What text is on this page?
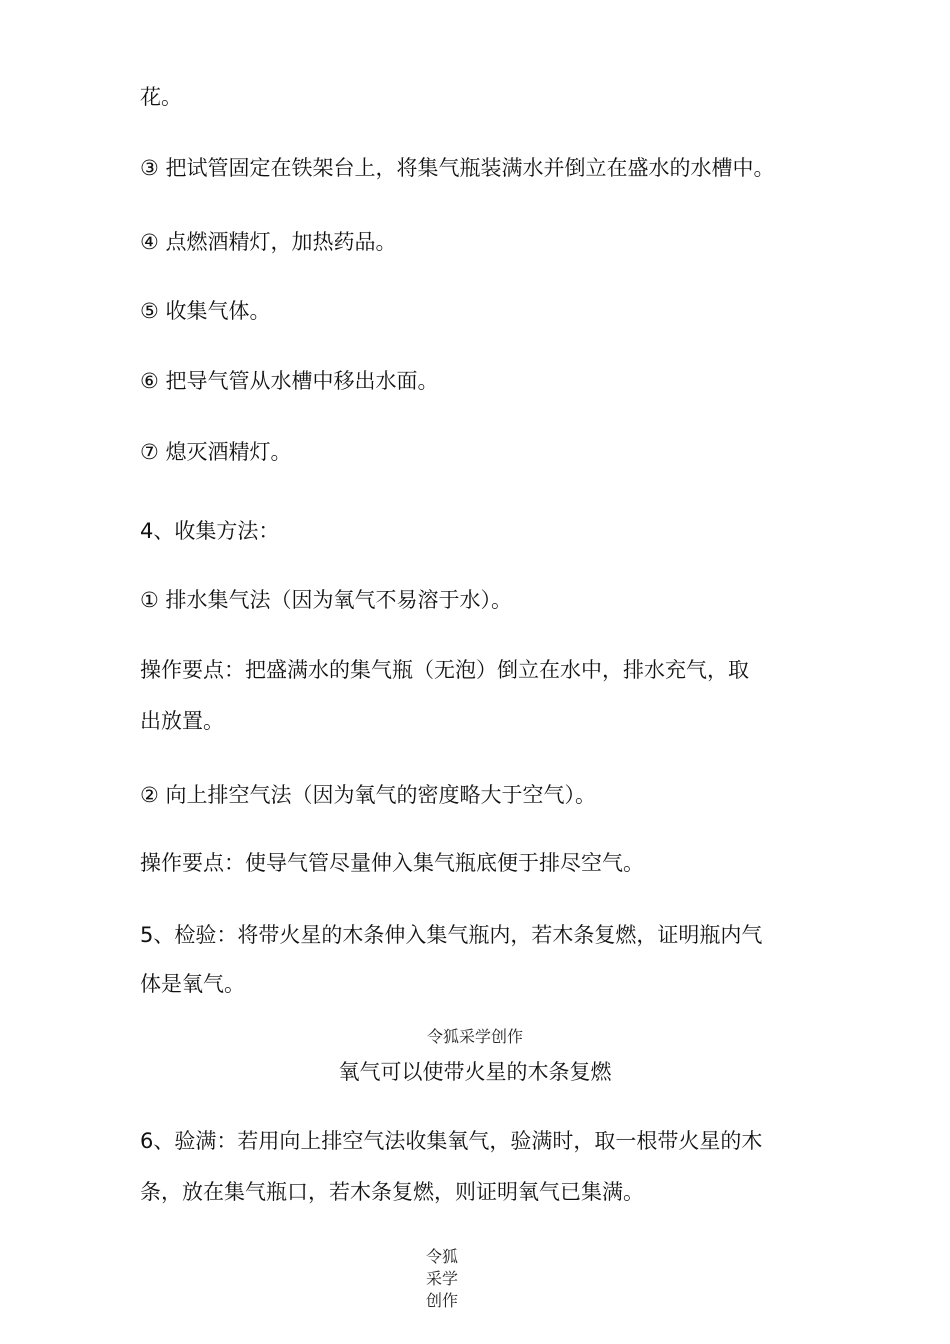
花。
③ 把试管固定在铁架台上，将集气瓶装满水并倒立在盛水的水槽中。
④ 点燃酒精灯，加热药品。
⑤ 收集气体。
⑥ 把导气管从水槽中移出水面。
⑦ 熄灭酒精灯。
4、收集方法：
① 排水集气法（因为氧气不易溶于水）。
操作要点：把盛满水的集气瓶（无泡）倒立在水中，排水充气，取
出放置。
② 向上排空气法（因为氧气的密度略大于空气）。
操作要点：使导气管尽量伸入集气瓶底便于排尽空气。
5、检验：将带火星的木条伸入集气瓶内，若木条复燃，证明瓶内气
体是氧气。
令狐采学创作
氧气可以使带火星的木条复燃
6、验满：若用向上排空气法收集氧气，验满时，取一根带火星的木
条，放在集气瓶口，若木条复燃，则证明氧气已集满。
令狐
采学
创作
